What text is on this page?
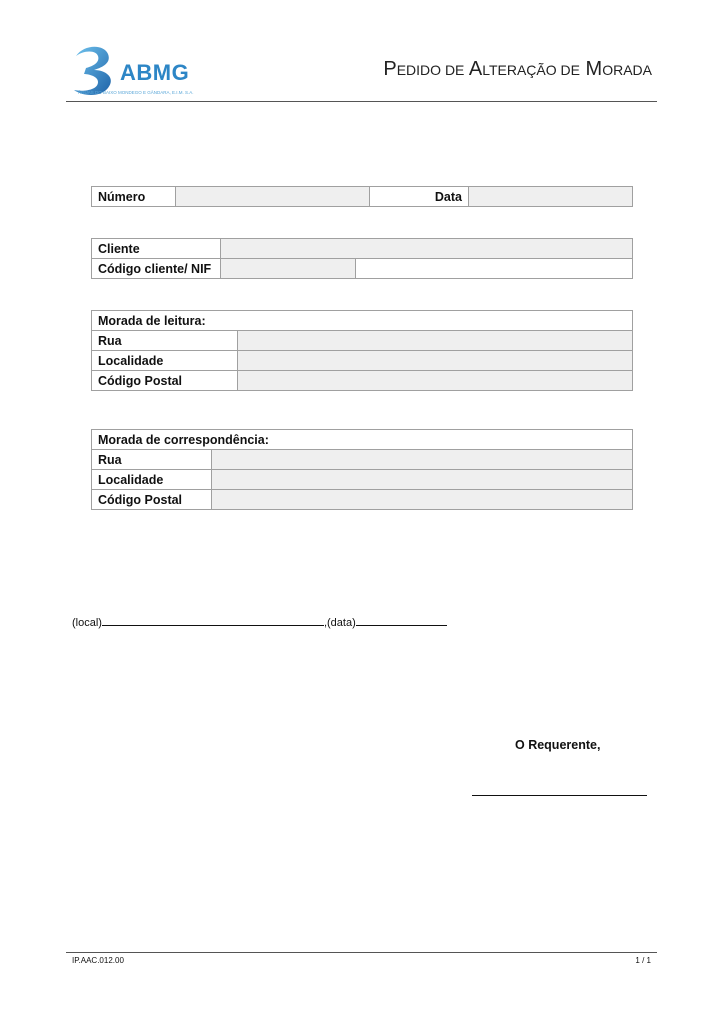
ABMG
ÁGUAS DO BAIXO MONDEGO E GÂNDARA, E.I.M. S.A.
PEDIDO DE ALTERAÇÃO DE MORADA
Número		Data	
Cliente		
Código cliente/ NIF		
Morada de leitura:	
Rua	
Localidade	
Código Postal	
Morada de correspondência:	
Rua	
Localidade	
Código Postal	
(local)	,(data)
O Requerente,
IP.AAC.012.00	1 / 1
